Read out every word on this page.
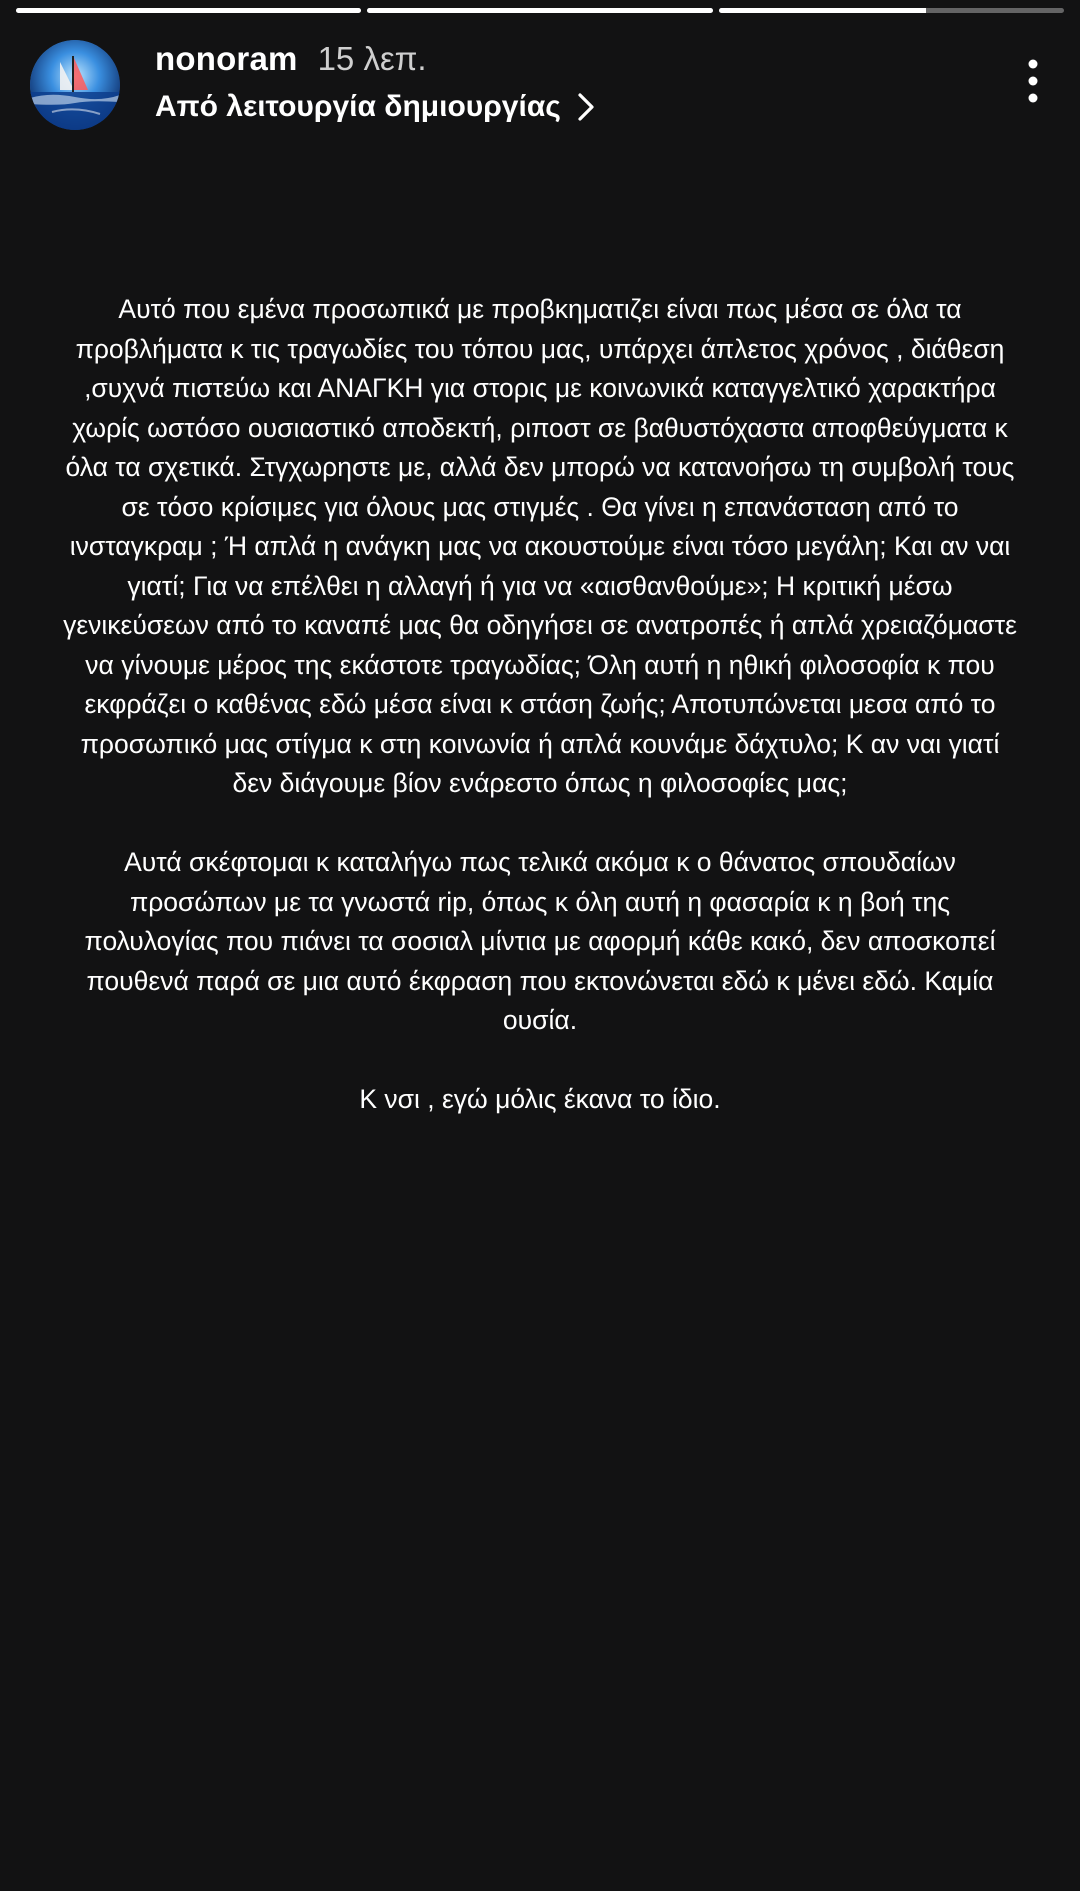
nonoram 15 λεπ.
Από λειτουργία δημιουργίας

Αυτό που εμένα προσωπικά με προβκηματιζει είναι πως μέσα σε όλα τα προβλήματα κ τις τραγωδίες του τόπου μας, υπάρχει άπλετος χρόνος , διάθεση ,συχνά πιστεύω και ΑΝΑΓΚΗ για στορις με κοινωνικά καταγγελτικό χαρακτήρα χωρίς ωστόσο ουσιαστικό αποδεκτή, ριποστ σε βαθυστόχαστα αποφθεύγματα κ όλα τα σχετικά. Στγχωρηστε με, αλλά δεν μπορώ να κατανοήσω τη συμβολή τους σε τόσο κρίσιμες για όλους μας στιγμές . Θα γίνει η επανάσταση από το ινσταγκραμ ; Ή απλά η ανάγκη μας να ακουστούμε είναι τόσο μεγάλη; Και αν ναι γιατί; Για να επέλθει η αλλαγή ή για να «αισθανθούμε»; Η κριτική μέσω γενικεύσεων από το καναπέ μας θα οδηγήσει σε ανατροπές ή απλά χρειαζόμαστε να γίνουμε μέρος της εκάστοτε τραγωδίας; Όλη αυτή η ηθική φιλοσοφία κ που εκφράζει ο καθένας εδώ μέσα είναι κ στάση ζωής; Αποτυπώνεται μεσα από το προσωπικό μας στίγμα κ στη κοινωνία ή απλά κουνάμε δάχτυλο; Κ αν ναι γιατί δεν διάγουμε βίον ενάρεστο όπως η φιλοσοφίες μας;

Αυτά σκέφτομαι κ καταλήγω πως τελικά ακόμα κ ο θάνατος σπουδαίων προσώπων με τα γνωστά rip, όπως κ όλη αυτή η φασαρία κ η βοή της πολυλογίας που πιάνει τα σοσιαλ μίντια με αφορμή κάθε κακό, δεν αποσκοπεί πουθενά παρά σε μια αυτό έκφραση που εκτονώνεται εδώ κ μένει εδώ. Καμία ουσία.

Κ νσι , εγώ μόλις έκανα το ίδιο.
